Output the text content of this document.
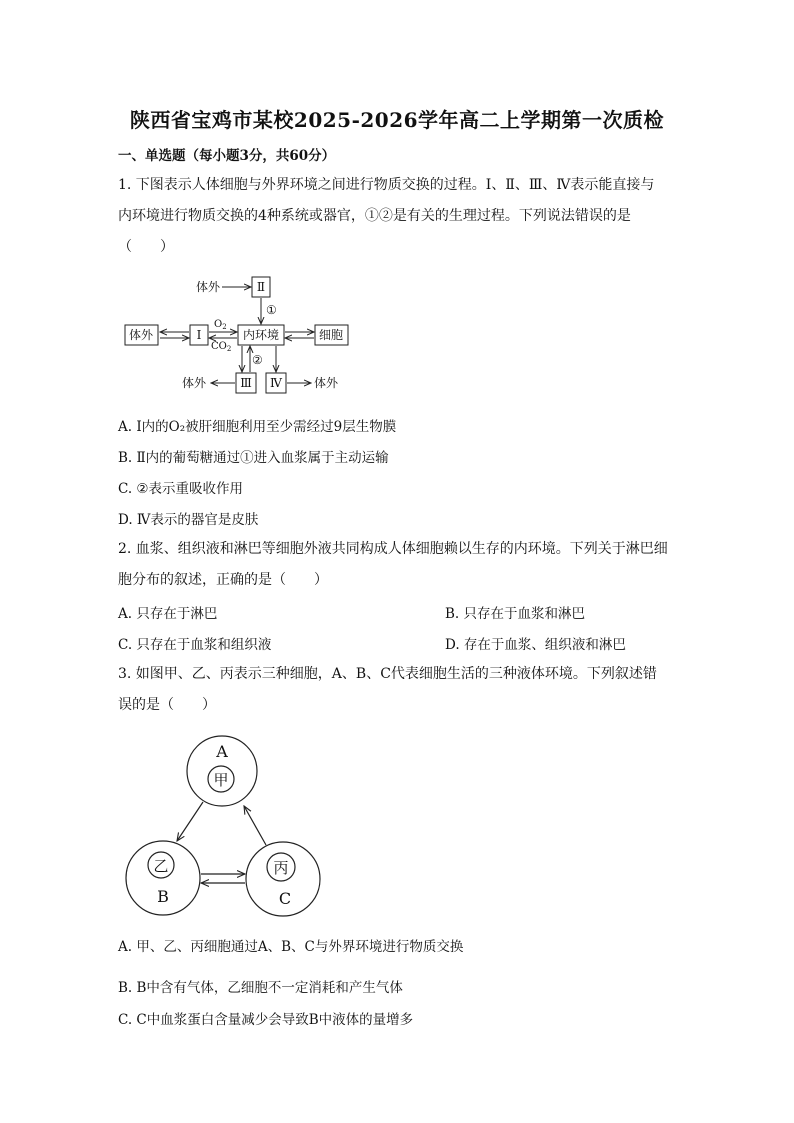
陕西省宝鸡市某校2025-2026学年高二上学期第一次质检
一、单选题（每小题3分，共60分）
1. 下图表示人体细胞与外界环境之间进行物质交换的过程。Ⅰ、Ⅱ、Ⅲ、Ⅳ表示能直接与
内环境进行物质交换的4种系统或器官，①②是有关的生理过程。下列说法错误的是
（　　）
体外	Ⅱ
①
体外	Ⅰ
$O_2$
$CO_2$
内环境	细胞
②
Ⅲ Ⅳ
体外	体外
A. Ⅰ内的O₂被肝细胞利用至少需经过9层生物膜
B. Ⅱ内的葡萄糖通过①进入血浆属于主动运输
C. ②表示重吸收作用
D. Ⅳ表示的器官是皮肤
2. 血浆、组织液和淋巴等细胞外液共同构成人体细胞赖以生存的内环境。下列关于淋巴细
胞分布的叙述，正确的是（　　）
A. 只存在于淋巴	B. 只存在于血浆和淋巴
C. 只存在于血浆和组织液	D. 存在于血浆、组织液和淋巴
3. 如图甲、乙、丙表示三种细胞，A、B、C代表细胞生活的三种液体环境。下列叙述错
误的是（　　）
A
甲
乙
B
丙
C
A. 甲、乙、丙细胞通过A、B、C与外界环境进行物质交换
B. B中含有气体，乙细胞不一定消耗和产生气体
C. C中血浆蛋白含量减少会导致B中液体的量增多
